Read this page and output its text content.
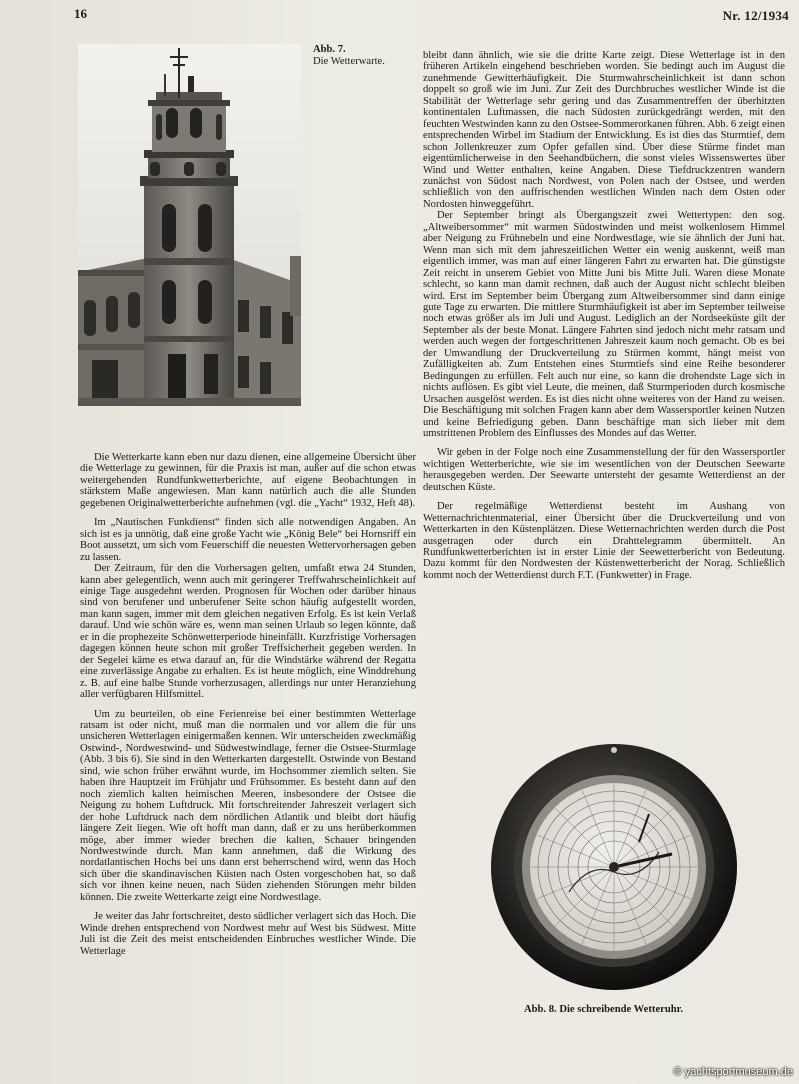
16	Nr. 12/1934
Abb. 7.
Die Wetterwarte.

Die Wetterkarte kann eben nur dazu dienen, eine allgemeine Übersicht über die Wetterlage zu gewinnen, für die Praxis ist man, außer auf die schon etwas weitergehenden Rundfunkwetterberichte, auf eigene Beobachtungen in stärkstem Maße angewiesen. Man kann natürlich auch die alle Stunden gegebenen Originalwetterberichte aufnehmen (vgl. die „Yacht“ 1932, Heft 48).

Im „Nautischen Funkdienst“ finden sich alle notwendigen Angaben. An sich ist es ja unnötig, daß eine große Yacht wie „König Bele“ bei Hornsriff ein Boot aussetzt, um sich vom Feuerschiff die neuesten Wettervorhersagen geben zu lassen.

Der Zeitraum, für den die Vorhersagen gelten, umfaßt etwa 24 Stunden, kann aber gelegentlich, wenn auch mit geringerer Treffwahrscheinlichkeit auf einige Tage ausgedehnt werden. Prognosen für Wochen oder darüber hinaus sind von berufener und unberufener Seite schon häufig aufgestellt worden, man kann sagen, immer mit dem gleichen negativen Erfolg. Es ist kein Verlaß darauf. Und wie schön wäre es, wenn man seinen Urlaub so legen könnte, daß er in die prophezeite Schönwetterperiode hineinfällt. Kurzfristige Vorhersagen dagegen können heute schon mit großer Treffsicherheit gegeben werden. In der Segelei käme es etwa darauf an, für die Windstärke während der Regatta eine zuverlässige Angabe zu erhalten. Es ist heute möglich, eine Winddrehung z. B. auf eine halbe Stunde vorherzusagen, allerdings nur unter Heranziehung aller verfügbaren Hilfsmittel.

Um zu beurteilen, ob eine Ferienreise bei einer bestimmten Wetterlage ratsam ist oder nicht, muß man die normalen und vor allem die für uns unsicheren Wetterlagen einigermaßen kennen. Wir unterscheiden zweckmäßig Ostwind-, Nordwestwind- und Südwestwindlage, ferner die Ostsee-Sturmlage (Abb. 3 bis 6). Sie sind in den Wetterkarten dargestellt. Ostwinde von Bestand sind, wie schon früher erwähnt wurde, im Hochsommer ziemlich selten. Sie haben ihre Hauptzeit im Frühjahr und Frühsommer. Es besteht dann auf den noch ziemlich kalten heimischen Meeren, insbesondere der Ostsee die Neigung zu hohem Luftdruck. Mit fortschreitender Jahreszeit verlagert sich der hohe Luftdruck nach dem nördlichen Atlantik und bleibt dort häufig längere Zeit liegen. Wie oft hofft man dann, daß er zu uns herüberkommen möge, aber immer wieder brechen die kalten, Schauer bringenden Nordwestwinde durch. Man kann annehmen, daß die Wirkung des nordatlantischen Hochs bei uns dann erst beherrschend wird, wenn das Hoch sich über die skandinavischen Küsten nach Osten vorgeschoben hat, so daß sich vor ihnen keine neuen, nach Süden ziehenden Störungen mehr bilden können. Die zweite Wetterkarte zeigt eine Nordwestlage.

Je weiter das Jahr fortschreitet, desto südlicher verlagert sich das Hoch. Die Winde drehen entsprechend von Nordwest mehr auf West bis Südwest. Mitte Juli ist die Zeit des meist entscheidenden Einbruches westlicher Winde. Die Wetterlage

bleibt dann ähnlich, wie sie die dritte Karte zeigt. Diese Wetterlage ist in den früheren Artikeln eingehend beschrieben worden. Sie bedingt auch im August die zunehmende Gewitterhäufigkeit. Die Sturmwahrscheinlichkeit ist dann schon doppelt so groß wie im Juni. Zur Zeit des Durchbruches westlicher Winde ist die Stabilität der Wetterlage sehr gering und das Zusammentreffen der überhitzten kontinentalen Luftmassen, die nach Südosten zurückgedrängt werden, mit den feuchten Westwinden kann zu den Ostsee-Sommerorkanen führen. Abb. 6 zeigt einen entsprechenden Wirbel im Stadium der Entwicklung. Es ist dies das Sturmtief, dem schon Jollenkreuzer zum Opfer gefallen sind. Über diese Stürme findet man eigentümlicherweise in den Seehandbüchern, die sonst vieles Wissenswertes über Wind und Wetter enthalten, keine Angaben. Diese Tiefdruckzentren wandern zunächst von Südost nach Nordwest, von Polen nach der Ostsee, und werden schließlich von den auffrischenden westlichen Winden nach dem Osten oder Nordosten hinweggeführt.

Der September bringt als Übergangszeit zwei Wettertypen: den sog. „Altweibersommer“ mit warmen Südostwinden und meist wolkenlosem Himmel aber Neigung zu Frühnebeln und eine Nordwestlage, wie sie ähnlich der Juni hat. Wenn man sich mit dem jahreszeitlichen Wetter ein wenig auskennt, weiß man eigentlich immer, was man auf einer längeren Fahrt zu erwarten hat. Die günstigste Zeit reicht in unserem Gebiet von Mitte Juni bis Mitte Juli. Waren diese Monate schlecht, so kann man damit rechnen, daß auch der August nicht schlecht bleiben wird. Erst im September beim Übergang zum Altweibersommer sind dann einige gute Tage zu erwarten. Die mittlere Sturmhäufigkeit ist aber im September teilweise noch etwas größer als im Juli und August. Lediglich an der Nordseeküste gilt der September als der beste Monat. Längere Fahrten sind jedoch nicht mehr ratsam und werden auch wegen der fortgeschrittenen Jahreszeit kaum noch gemacht. Ob es bei der Umwandlung der Druckverteilung zu Stürmen kommt, hängt meist von Zufälligkeiten ab. Zum Entstehen eines Sturmtiefs sind eine Reihe besonderer Bedingungen zu erfüllen. Felt auch nur eine, so kann die drohendste Lage sich in nichts auflösen. Es gibt viel Leute, die meinen, daß Sturmperioden durch kosmische Ursachen ausgelöst werden. Es ist dies nicht ohne weiteres von der Hand zu weisen. Die Beschäftigung mit solchen Fragen kann aber dem Wassersportler keinen Nutzen und keine Befriedigung geben. Dann beschäftige man sich lieber mit dem umstrittenen Problem des Einflusses des Mondes auf das Wetter.

Wir geben in der Folge noch eine Zusammenstellung der für den Wassersportler wichtigen Wetterberichte, wie sie im wesentlichen von der Deutschen Seewarte herausgegeben werden. Der Seewarte untersteht der gesamte Wetterdienst an der deutschen Küste.

Der regelmäßige Wetterdienst besteht im Aushang von Wetternachrichtenmaterial, einer Übersicht über die Druckverteilung und von Wetterkarten in den Küstenplätzen. Diese Wetternachrichten werden durch die Post ausgetragen oder durch ein Drahttelegramm übermittelt. An Rundfunkwetterberichten ist in erster Linie der Seewetterbericht von Bedeutung. Dazu kommt für den Nordwesten der Küstenwetterbericht der Norag. Schließlich kommt noch der Wetterdienst durch F.T. (Funkwetter) in Frage.

Abb. 8. Die schreibende Wetteruhr.
© yachtsportmuseum.de
